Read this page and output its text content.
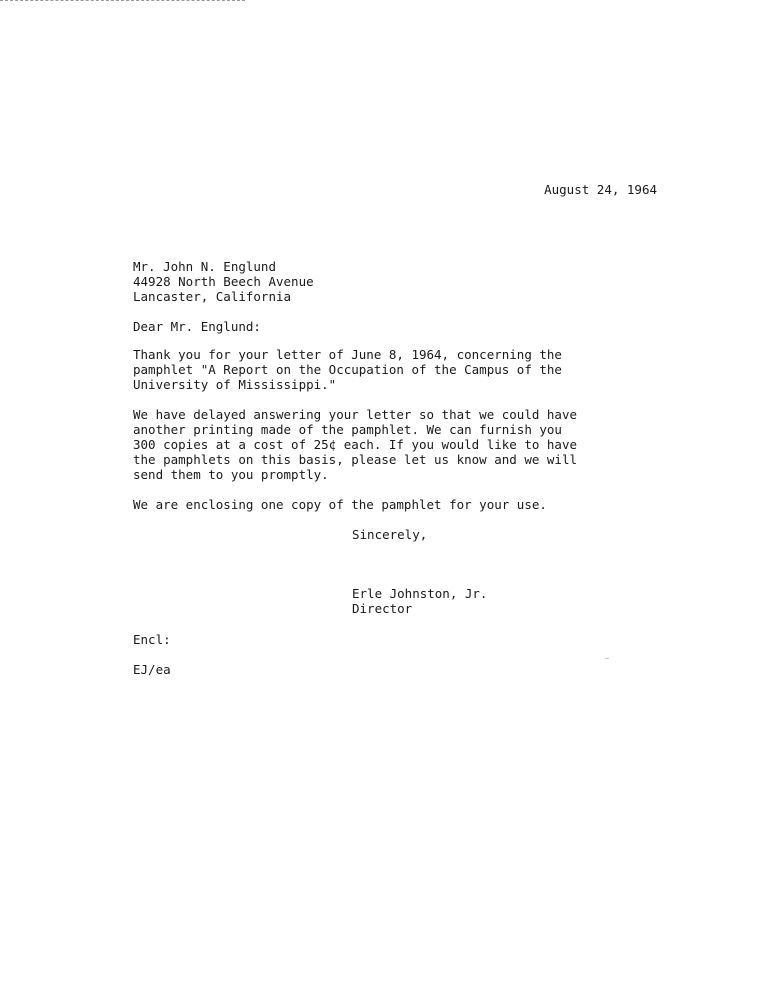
August 24, 1964
Mr. John N. Englund
44928 North Beech Avenue
Lancaster, California
Dear Mr. Englund:
Thank you for your letter of June 8, 1964, concerning the
pamphlet "A Report on the Occupation of the Campus of the
University of Mississippi."
We have delayed answering your letter so that we could have
another printing made of the pamphlet. We can furnish you
300 copies at a cost of 25¢ each. If you would like to have
the pamphlets on this basis, please let us know and we will
send them to you promptly.
We are enclosing one copy of the pamphlet for your use.
Sincerely,
Erle Johnston, Jr.
Director
Encl:
EJ/ea
